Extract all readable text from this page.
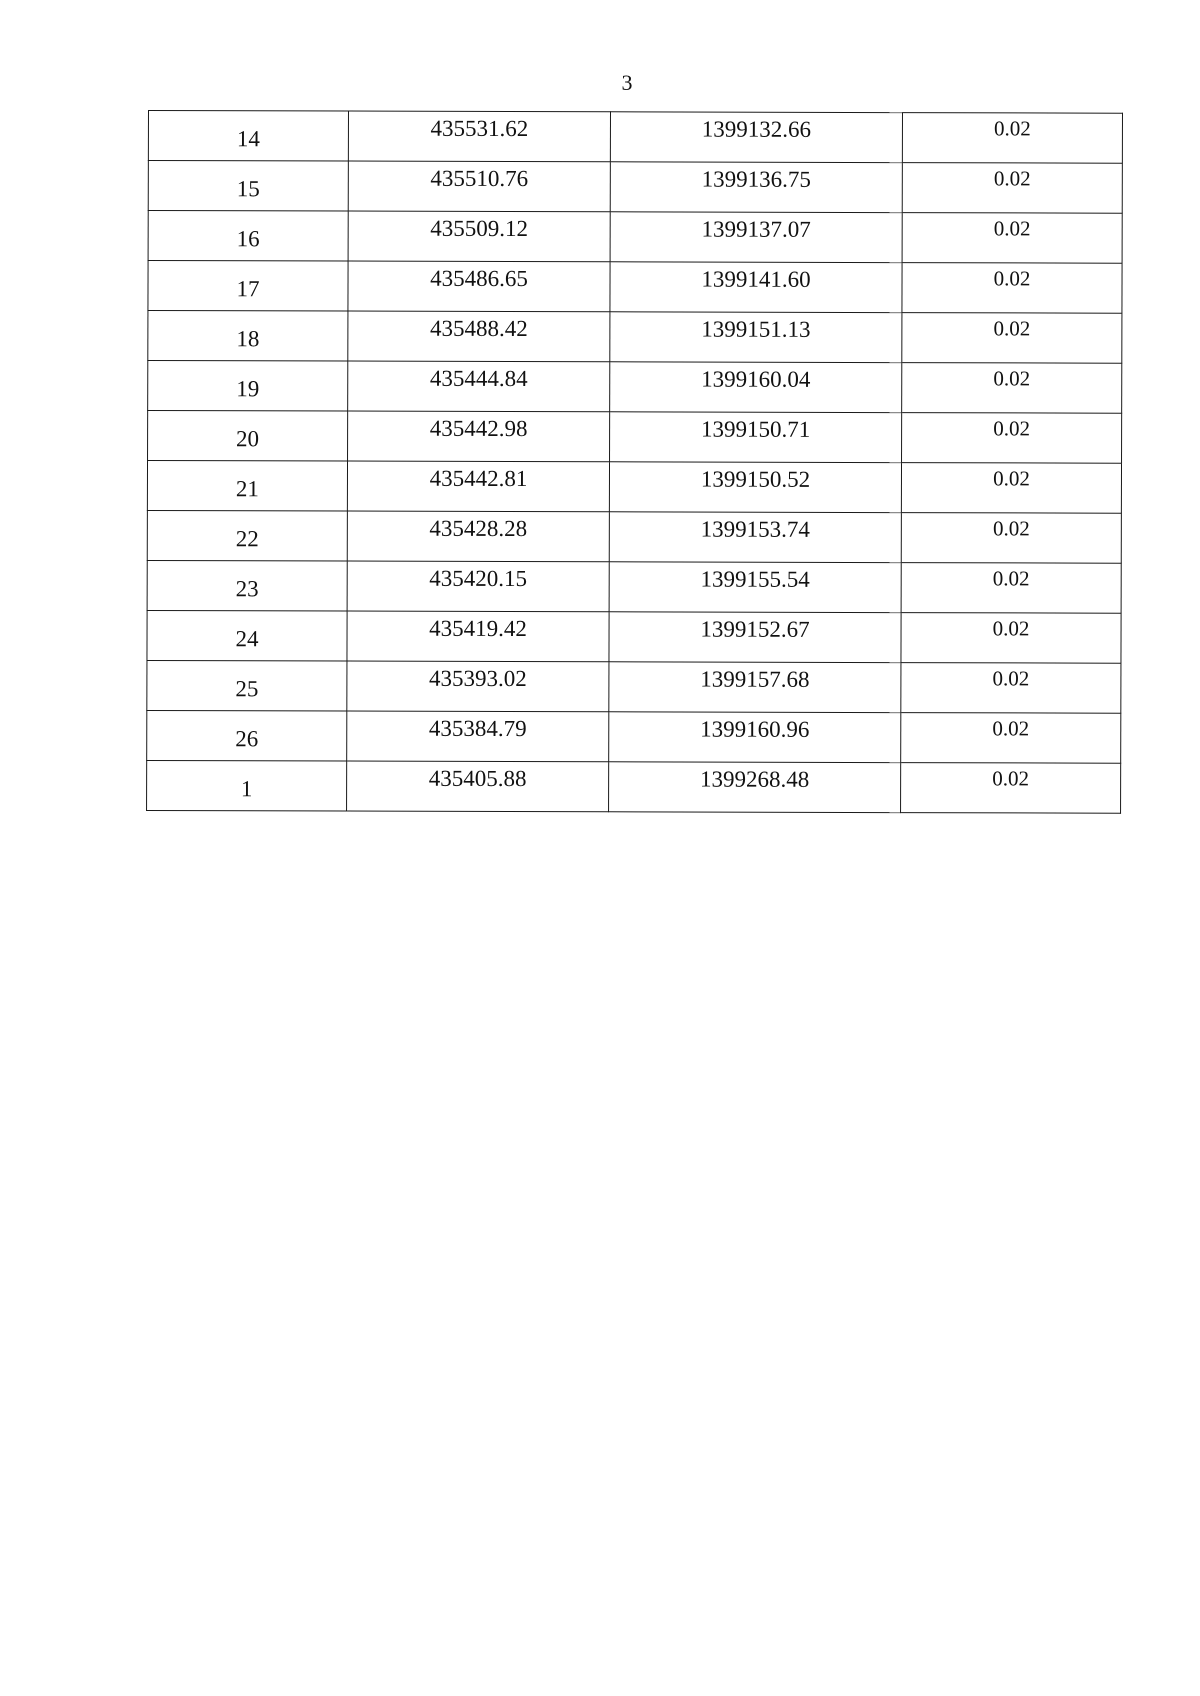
3
14	435531.62	1399132.66	0.02
15	435510.76	1399136.75	0.02
16	435509.12	1399137.07	0.02
17	435486.65	1399141.60	0.02
18	435488.42	1399151.13	0.02
19	435444.84	1399160.04	0.02
20	435442.98	1399150.71	0.02
21	435442.81	1399150.52	0.02
22	435428.28	1399153.74	0.02
23	435420.15	1399155.54	0.02
24	435419.42	1399152.67	0.02
25	435393.02	1399157.68	0.02
26	435384.79	1399160.96	0.02
1	435405.88	1399268.48	0.02
